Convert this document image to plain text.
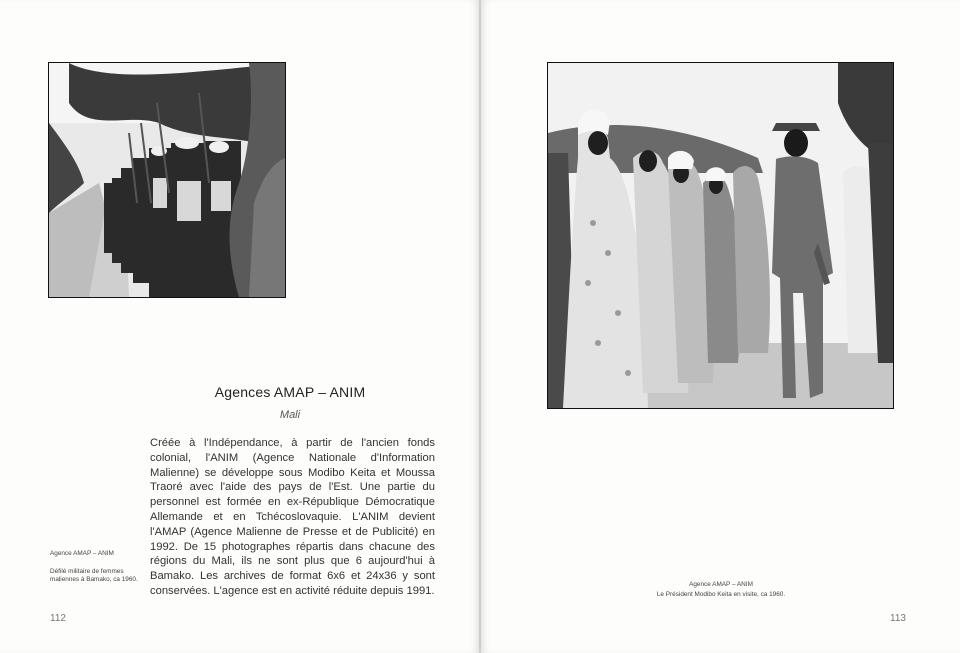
Agence AMAP – ANIM
Défilé militaire de femmes maliennes à Bamako, ca 1960.
Agences AMAP – ANIM
Mali
Créée à l'Indépendance, à partir de l'ancien fonds colonial, l'ANIM (Agence Nationale d'Information Malienne) se développe sous Modibo Keita et Moussa Traoré avec l'aide des pays de l'Est. Une partie du personnel est formée en ex-République Démocratique Allemande et en Tchécoslovaquie. L'ANIM devient l'AMAP (Agence Malienne de Presse et de Publicité) en 1992. De 15 photographes répartis dans chacune des régions du Mali, ils ne sont plus que 6 aujourd'hui à Bamako. Les archives de format 6x6 et 24x36 y sont conservées. L'agence est en activité réduite depuis 1991.
112
Agence AMAP – ANIM
Le Président Modibo Keita en visite, ca 1960.
113
